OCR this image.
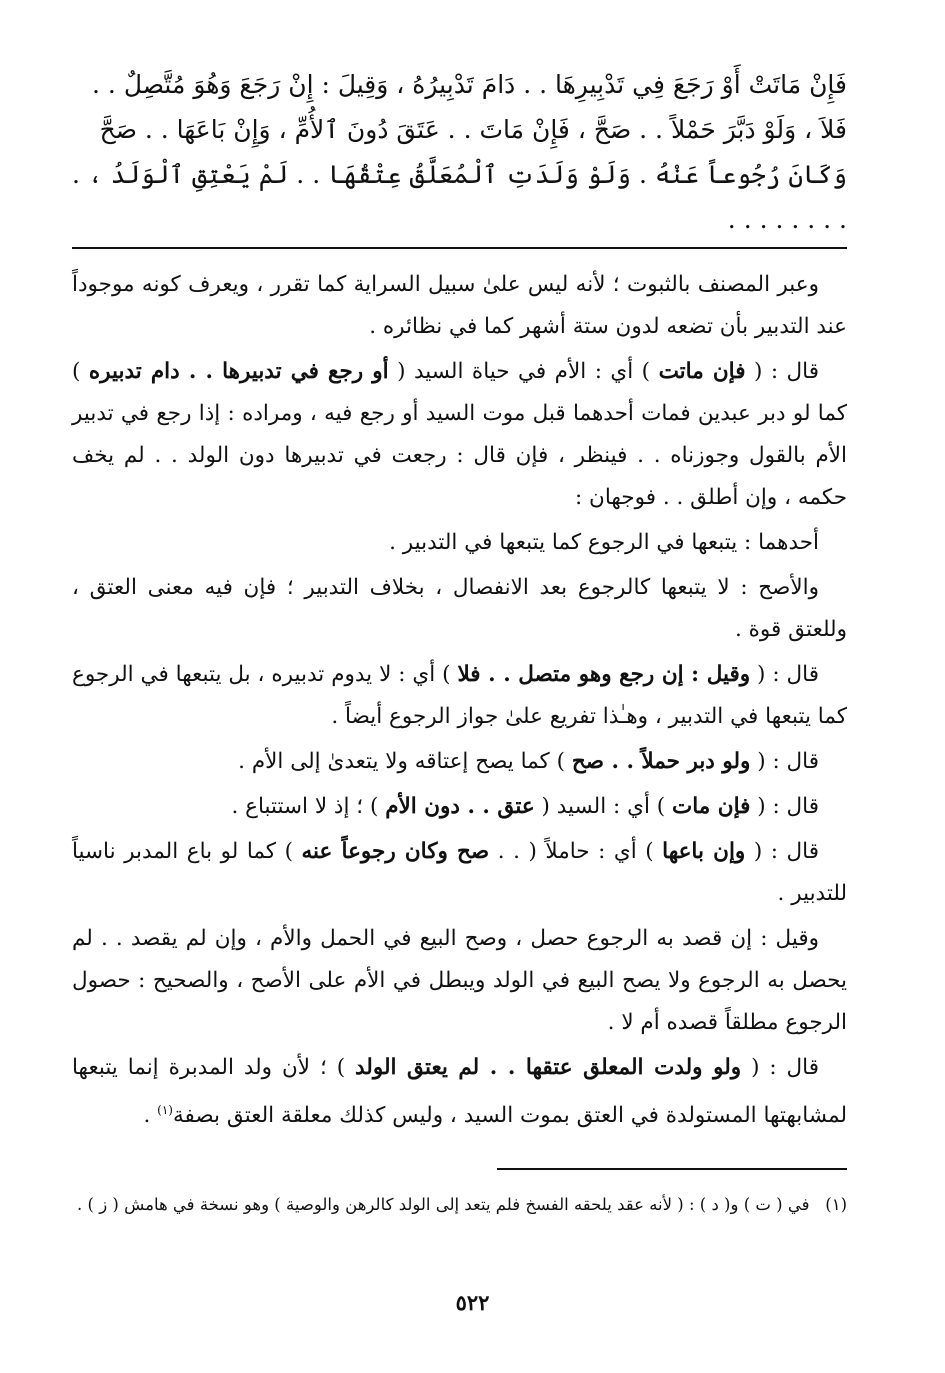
فَإِنْ مَاتَتْ أَوْ رَجَعَ فِي تَدْبِيرِهَا . . دَامَ تَدْبِيرُهُ ، وَقِيلَ : إِنْ رَجَعَ وَهُوَ مُتَّصِلٌ . .

فَلاَ ، وَلَوْ دَبَّرَ حَمْلاً . . صَحَّ ، فَإِنْ مَاتَ . . عَتَقَ دُونَ ٱلأُمِّ ، وَإِنْ بَاعَهَا . . صَحَّ

وَكَانَ رُجُوعاً عَنْهُ . وَلَوْ وَلَدَتِ ٱلْمُعَلَّقُ عِتْقُهَا . . لَمْ يَعْتِقِ ٱلْوَلَدُ ، . . . . . . . . .

وعبر المصنف بالثبوت ؛ لأنه ليس علىٰ سبيل السراية كما تقرر ، ويعرف كونه موجوداً عند التدبير بأن تضعه لدون ستة أشهر كما في نظائره .

قال : ( فإن ماتت ) أي : الأم في حياة السيد ( أو رجع في تدبيرها . . دام تدبيره ) كما لو دبر عبدين فمات أحدهما قبل موت السيد أو رجع فيه ، ومراده : إذا رجع في تدبير الأم بالقول وجوزناه . . فينظر ، فإن قال : رجعت في تدبيرها دون الولد . . لم يخف حكمه ، وإن أطلق . . فوجهان :

أحدهما : يتبعها في الرجوع كما يتبعها في التدبير .

والأصح : لا يتبعها كالرجوع بعد الانفصال ، بخلاف التدبير ؛ فإن فيه معنى العتق ، وللعتق قوة .

قال : ( وقيل : إن رجع وهو متصل . . فلا ) أي : لا يدوم تدبيره ، بل يتبعها في الرجوع كما يتبعها في التدبير ، وهـٰذا تفريع علىٰ جواز الرجوع أيضاً .

قال : ( ولو دبر حملاً . . صح ) كما يصح إعتاقه ولا يتعدىٰ إلى الأم .

قال : ( فإن مات ) أي : السيد ( عتق . . دون الأم ) ؛ إذ لا استتباع .

قال : ( وإن باعها ) أي : حاملاً ( . . صح وكان رجوعاً عنه ) كما لو باع المدبر ناسياً للتدبير .

وقيل : إن قصد به الرجوع حصل ، وصح البيع في الحمل والأم ، وإن لم يقصد . . لم يحصل به الرجوع ولا يصح البيع في الولد ويبطل في الأم على الأصح ، والصحيح : حصول الرجوع مطلقاً قصده أم لا .

قال : ( ولو ولدت المعلق عتقها . . لم يعتق الولد ) ؛ لأن ولد المدبرة إنما يتبعها لمشابهتها المستولدة في العتق بموت السيد ، وليس كذلك معلقة العتق بصفة$^{(١)}$ .

(١)   في ( ت ) و( د ) : ( لأنه عقد يلحقه الفسخ فلم يتعد إلى الولد كالرهن والوصية ) وهو نسخة في هامش ( ز ) .

٥٢٢
